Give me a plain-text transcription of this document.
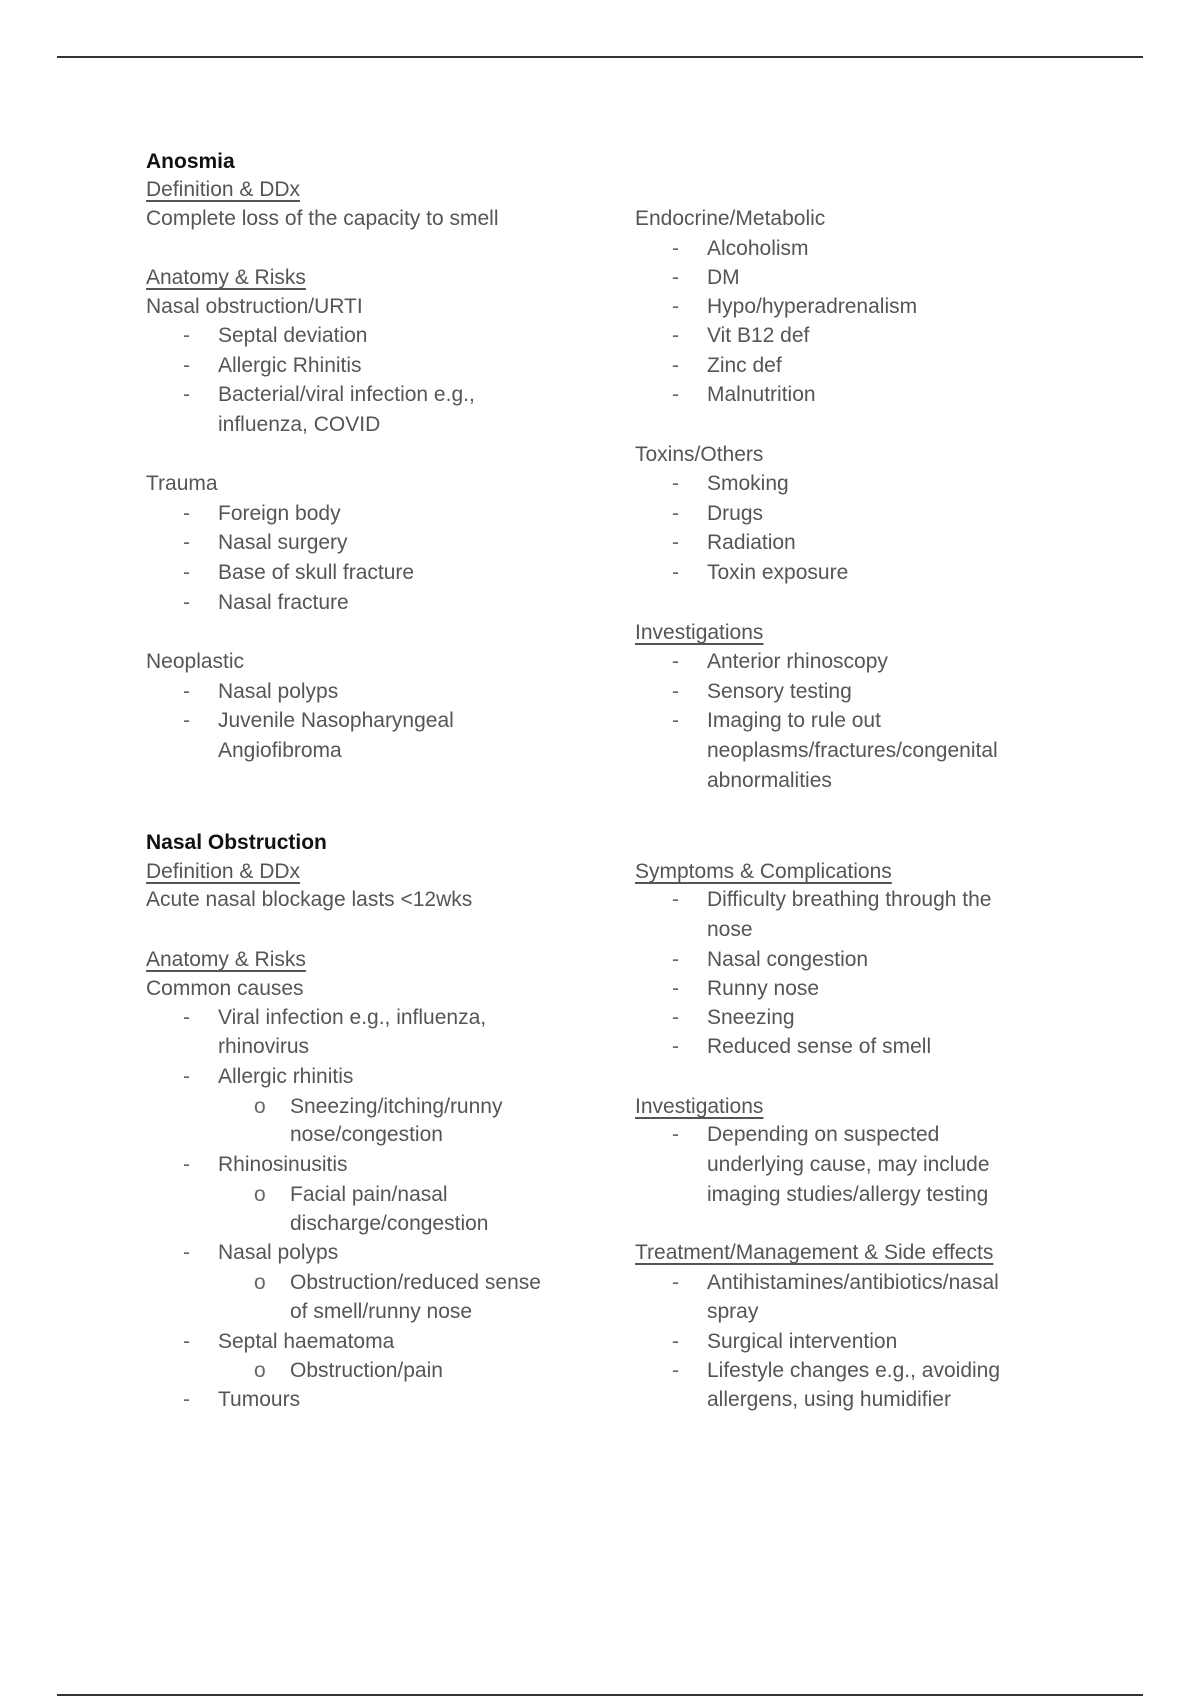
Anosmia
Definition & DDx
Complete loss of the capacity to smell
Anatomy & Risks
Nasal obstruction/URTI
- Septal deviation
- Allergic Rhinitis
- Bacterial/viral infection e.g.,
influenza, COVID
Trauma
- Foreign body
- Nasal surgery
- Base of skull fracture
- Nasal fracture
Neoplastic
- Nasal polyps
- Juvenile Nasopharyngeal
Angiofibroma
Endocrine/Metabolic
- Alcoholism
- DM
- Hypo/hyperadrenalism
- Vit B12 def
- Zinc def
- Malnutrition
Toxins/Others
- Smoking
- Drugs
- Radiation
- Toxin exposure
Investigations
- Anterior rhinoscopy
- Sensory testing
- Imaging to rule out
neoplasms/fractures/congenital
abnormalities
Nasal Obstruction
Definition & DDx
Acute nasal blockage lasts <12wks
Anatomy & Risks
Common causes
- Viral infection e.g., influenza,
rhinovirus
- Allergic rhinitis
o Sneezing/itching/runny
nose/congestion
- Rhinosinusitis
o Facial pain/nasal
discharge/congestion
- Nasal polyps
o Obstruction/reduced sense
of smell/runny nose
- Septal haematoma
o Obstruction/pain
- Tumours
Symptoms & Complications
- Difficulty breathing through the
nose
- Nasal congestion
- Runny nose
- Sneezing
- Reduced sense of smell
Investigations
- Depending on suspected
underlying cause, may include
imaging studies/allergy testing
Treatment/Management & Side effects
- Antihistamines/antibiotics/nasal
spray
- Surgical intervention
- Lifestyle changes e.g., avoiding
allergens, using humidifier
